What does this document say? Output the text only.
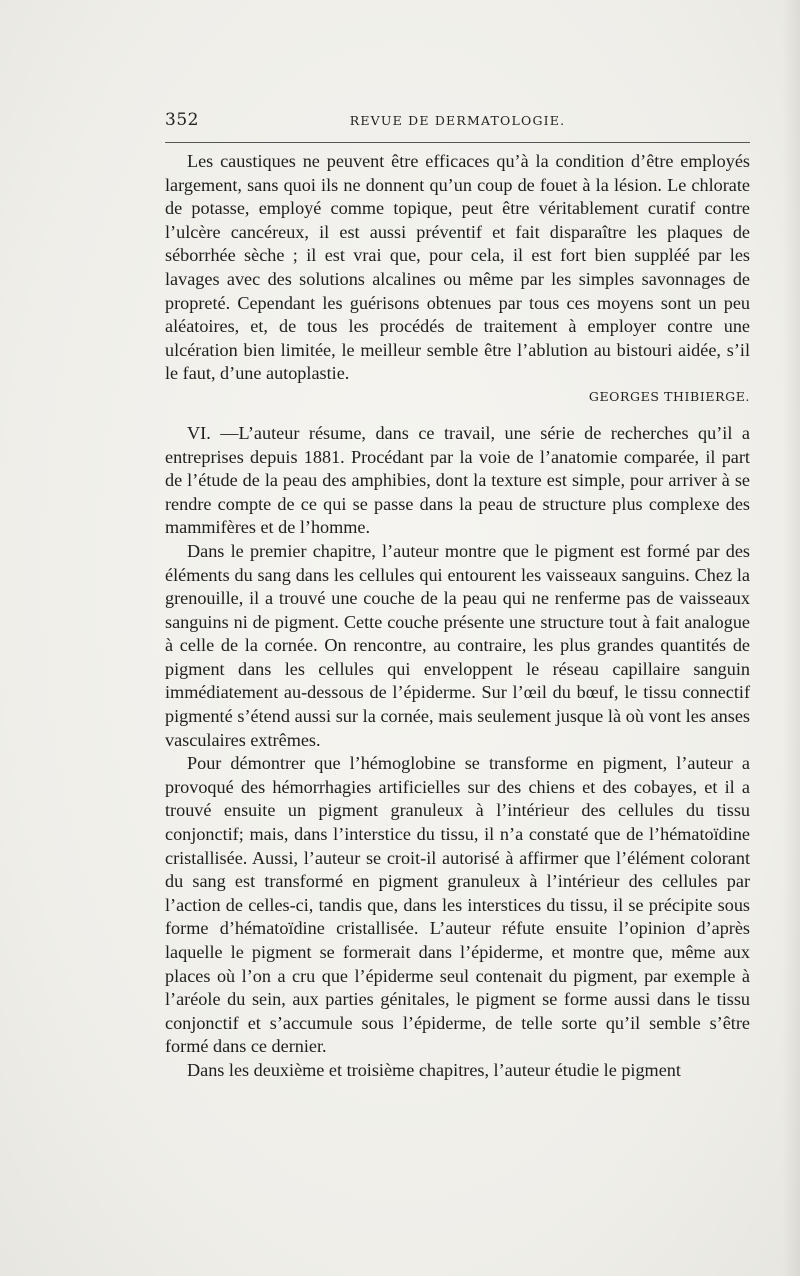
352	REVUE DE DERMATOLOGIE.

Les caustiques ne peuvent être efficaces qu’à la condition d’être employés largement, sans quoi ils ne donnent qu’un coup de fouet à la lésion. Le chlorate de potasse, employé comme topique, peut être véritablement curatif contre l’ulcère cancéreux, il est aussi préventif et fait disparaître les plaques de séborrhée sèche ; il est vrai que, pour cela, il est fort bien suppléé par les lavages avec des solutions alcalines ou même par les simples savonnages de propreté. Cependant les guérisons obtenues par tous ces moyens sont un peu aléatoires, et, de tous les procédés de traitement à employer contre une ulcération bien limitée, le meilleur semble être l’ablution au bistouri aidée, s’il le faut, d’une autoplastie.

GEORGES THIBIERGE.

VI. —L’auteur résume, dans ce travail, une série de recherches qu’il a entreprises depuis 1881. Procédant par la voie de l’anatomie comparée, il part de l’étude de la peau des amphibies, dont la texture est simple, pour arriver à se rendre compte de ce qui se passe dans la peau de structure plus complexe des mammifères et de l’homme.

Dans le premier chapitre, l’auteur montre que le pigment est formé par des éléments du sang dans les cellules qui entourent les vaisseaux sanguins. Chez la grenouille, il a trouvé une couche de la peau qui ne renferme pas de vaisseaux sanguins ni de pigment. Cette couche présente une structure tout à fait analogue à celle de la cornée. On rencontre, au contraire, les plus grandes quantités de pigment dans les cellules qui enveloppent le réseau capillaire sanguin immédiatement au-dessous de l’épiderme. Sur l’œil du bœuf, le tissu connectif pigmenté s’étend aussi sur la cornée, mais seulement jusque là où vont les anses vasculaires extrêmes.

Pour démontrer que l’hémoglobine se transforme en pigment, l’auteur a provoqué des hémorrhagies artificielles sur des chiens et des cobayes, et il a trouvé ensuite un pigment granuleux à l’intérieur des cellules du tissu conjonctif; mais, dans l’interstice du tissu, il n’a constaté que de l’hématoïdine cristallisée. Aussi, l’auteur se croit-il autorisé à affirmer que l’élément colorant du sang est transformé en pigment granuleux à l’intérieur des cellules par l’action de celles-ci, tandis que, dans les interstices du tissu, il se précipite sous forme d’hématoïdine cristallisée. L’auteur réfute ensuite l’opinion d’après laquelle le pigment se formerait dans l’épiderme, et montre que, même aux places où l’on a cru que l’épiderme seul contenait du pigment, par exemple à l’aréole du sein, aux parties génitales, le pigment se forme aussi dans le tissu conjonctif et s’accumule sous l’épiderme, de telle sorte qu’il semble s’être formé dans ce dernier.

Dans les deuxième et troisième chapitres, l’auteur étudie le pigment
